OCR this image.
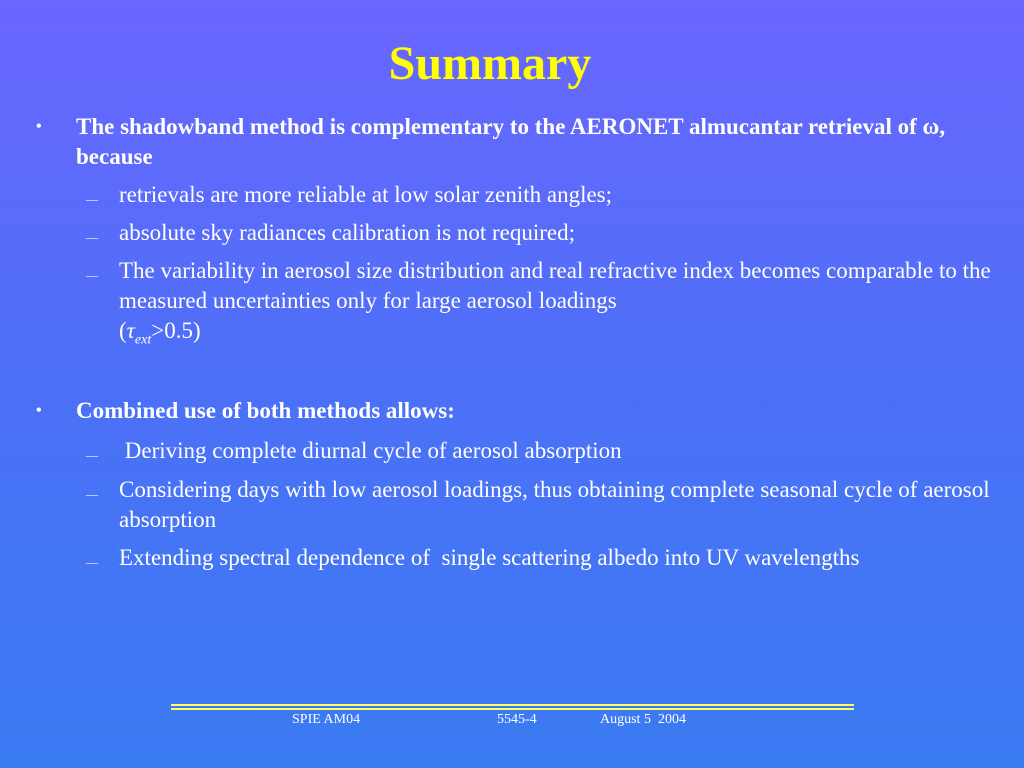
Summary
• The shadowband method is complementary to the AERONET almucantar retrieval of ω, because
— retrievals are more reliable at low solar zenith angles;
— absolute sky radiances calibration is not required;
— The variability in aerosol size distribution and real refractive index becomes comparable to the measured uncertainties only for large aerosol loadings
$(\tau_{ext}>0.5)$
• Combined use of both methods allows:
— Deriving complete diurnal cycle of aerosol absorption
— Considering days with low aerosol loadings, thus obtaining complete seasonal cycle of aerosol absorption
— Extending spectral dependence of  single scattering albedo into UV wavelengths
SPIE AM04	5545-4	August 5  2004
